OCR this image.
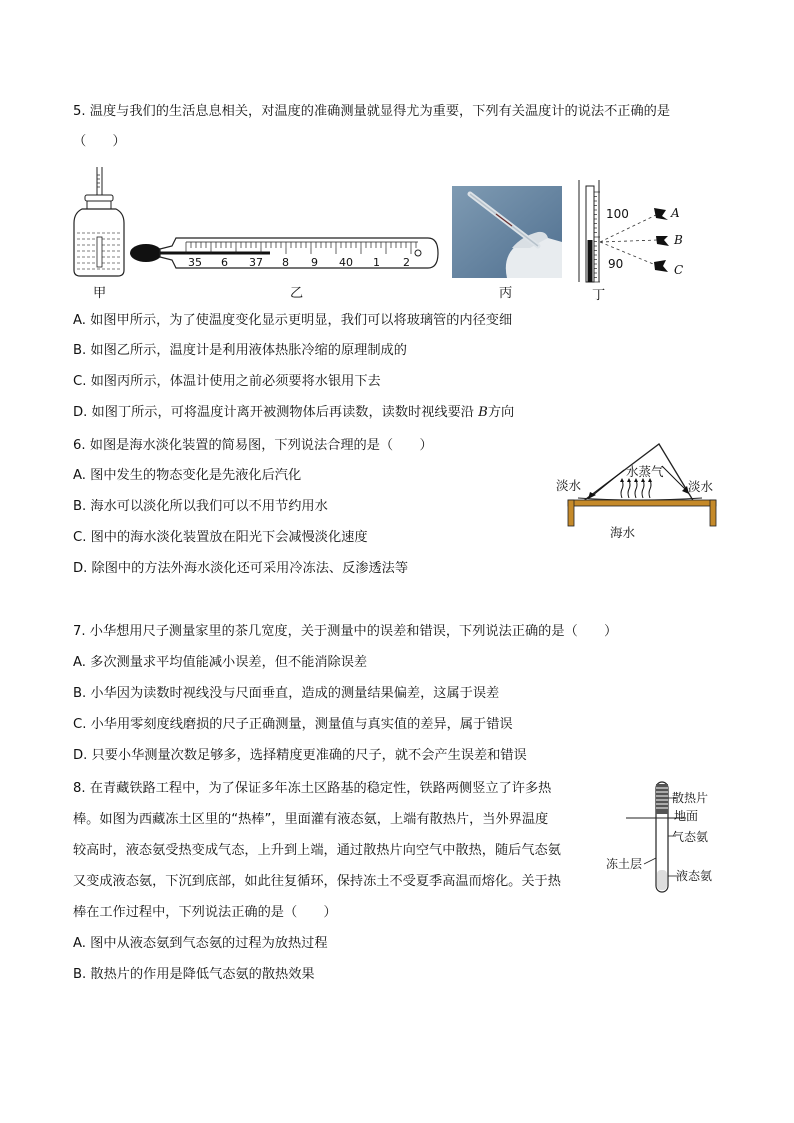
5. 温度与我们的生活息息相关，对温度的准确测量就显得尤为重要，下列有关温度计的说法不正确的是
（　　）
甲
35 6 37 8 9 40 1 2
乙	丙
100
90
A
B
C
丁
A. 如图甲所示，为了使温度变化显示更明显，我们可以将玻璃管的内径变细
B. 如图乙所示，温度计是利用液体热胀冷缩的原理制成的
C. 如图丙所示，体温计使用之前必须要将水银用下去
D. 如图丁所示，可将温度计离开被测物体后再读数，读数时视线要沿 B方向
6. 如图是海水淡化装置的简易图，下列说法合理的是（　　）
A. 图中发生的物态变化是先液化后汽化
B. 海水可以淡化所以我们可以不用节约用水
C. 图中的海水淡化装置放在阳光下会减慢淡化速度
D. 除图中的方法外海水淡化还可采用冷冻法、反渗透法等
淡水
水蒸气
淡水
海水
7. 小华想用尺子测量家里的茶几宽度，关于测量中的误差和错误，下列说法正确的是（　　）
A. 多次测量求平均值能减小误差，但不能消除误差
B. 小华因为读数时视线没与尺面垂直，造成的测量结果偏差，这属于误差
C. 小华用零刻度线磨损的尺子正确测量，测量值与真实值的差异，属于错误
D. 只要小华测量次数足够多，选择精度更准确的尺子，就不会产生误差和错误
8. 在青藏铁路工程中，为了保证多年冻土区路基的稳定性，铁路两侧竖立了许多热
棒。如图为西藏冻土区里的“热棒”，里面灌有液态氨，上端有散热片，当外界温度
较高时，液态氨受热变成气态，上升到上端，通过散热片向空气中散热，随后气态氨
又变成液态氨，下沉到底部，如此往复循环，保持冻土不受夏季高温而熔化。关于热
棒在工作过程中，下列说法正确的是（　　）
A. 图中从液态氨到气态氨的过程为放热过程
B. 散热片的作用是降低气态氨的散热效果
散热片
地面
气态氨
冻土层
液态氨
